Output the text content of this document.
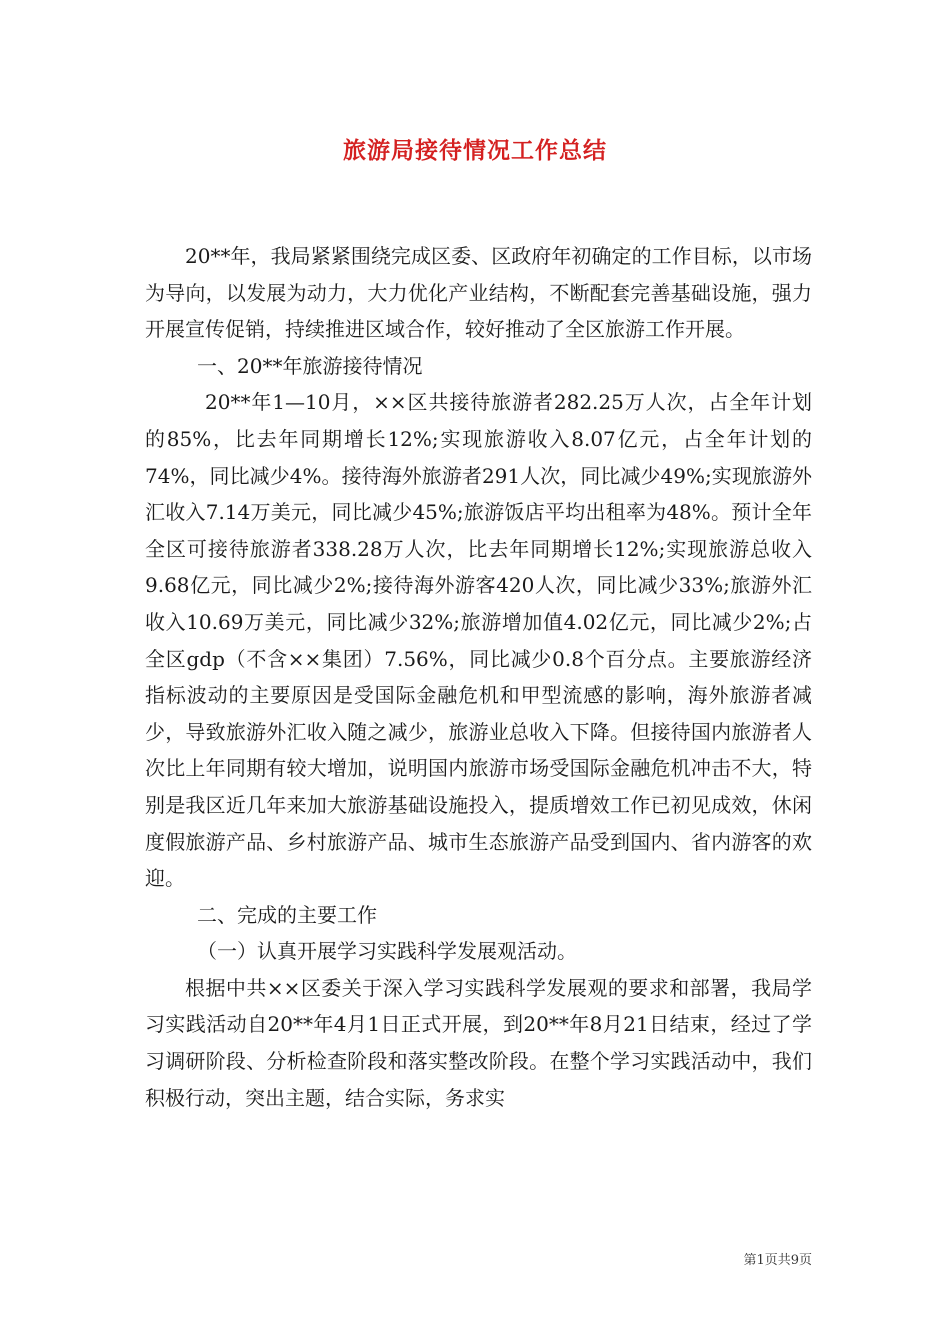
旅游局接待情况工作总结

20**年，我局紧紧围绕完成区委、区政府年初确定的工作目标，以市场为导向，以发展为动力，大力优化产业结构，不断配套完善基础设施，强力开展宣传促销，持续推进区域合作，较好推动了全区旅游工作开展。

一、20**年旅游接待情况

20**年1—10月，××区共接待旅游者282.25万人次，占全年计划的85%，比去年同期增长12%;实现旅游收入8.07亿元，占全年计划的74%，同比减少4%。接待海外旅游者291人次，同比减少49%;实现旅游外汇收入7.14万美元，同比减少45%;旅游饭店平均出租率为48%。预计全年全区可接待旅游者338.28万人次，比去年同期增长12%;实现旅游总收入9.68亿元，同比减少2%;接待海外游客420人次，同比减少33%;旅游外汇收入10.69万美元，同比减少32%;旅游增加值4.02亿元，同比减少2%;占全区gdp（不含××集团）7.56%，同比减少0.8个百分点。主要旅游经济指标波动的主要原因是受国际金融危机和甲型流感的影响，海外旅游者减少，导致旅游外汇收入随之减少，旅游业总收入下降。但接待国内旅游者人次比上年同期有较大增加，说明国内旅游市场受国际金融危机冲击不大，特别是我区近几年来加大旅游基础设施投入，提质增效工作已初见成效，休闲度假旅游产品、乡村旅游产品、城市生态旅游产品受到国内、省内游客的欢迎。

二、完成的主要工作

（一）认真开展学习实践科学发展观活动。

根据中共××区委关于深入学习实践科学发展观的要求和部署，我局学习实践活动自20**年4月1日正式开展，到20**年8月21日结束，经过了学习调研阶段、分析检查阶段和落实整改阶段。在整个学习实践活动中，我们积极行动，突出主题，结合实际，务求实

第1页共9页
